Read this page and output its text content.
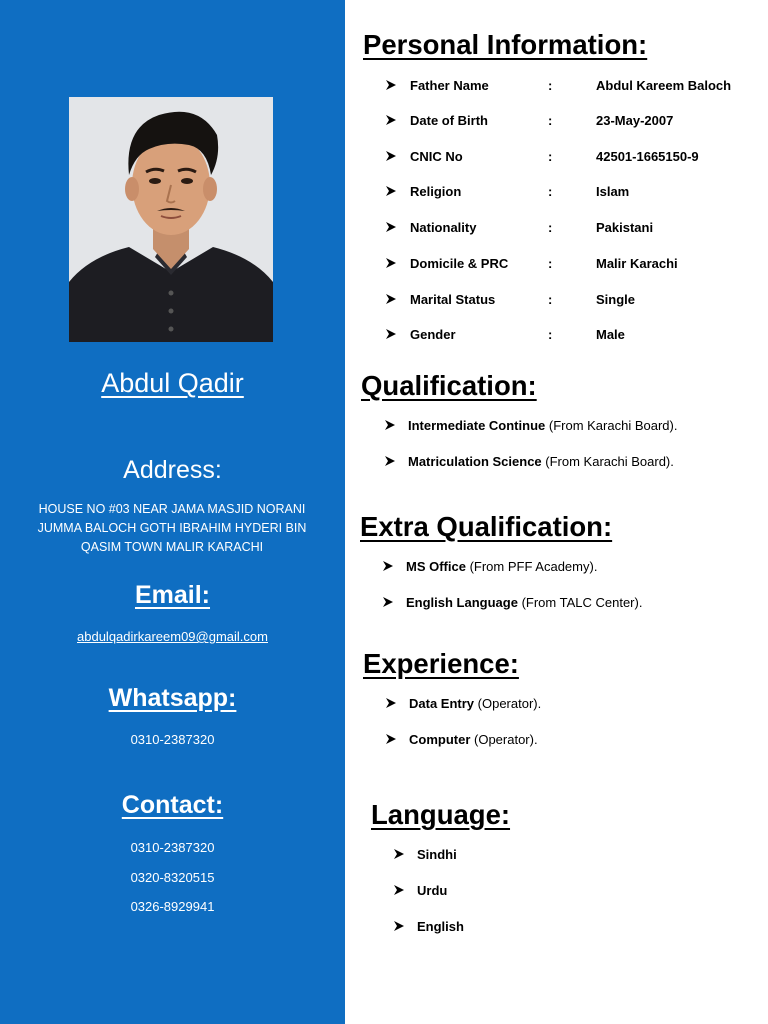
Abdul Qadir
Address:
HOUSE NO #03 NEAR JAMA MASJID NORANI JUMMA BALOCH GOTH IBRAHIM HYDERI BIN QASIM TOWN MALIR KARACHI
Email:
abdulqadirkareem09@gmail.com
Whatsapp:
0310-2387320
Contact:
0310-2387320
0320-8320515
0326-8929941
Personal Information:
Father Name	:	Abdul Kareem Baloch
Date of Birth	:	23-May-2007
CNIC No	:	42501-1665150-9
Religion	:	Islam
Nationality	:	Pakistani
Domicile & PRC	:	Malir Karachi
Marital Status	:	Single
Gender	:	Male
Qualification:
Intermediate Continue (From Karachi Board).
Matriculation Science (From Karachi Board).
Extra Qualification:
MS Office (From PFF Academy).
English Language (From TALC Center).
Experience:
Data Entry (Operator).
Computer (Operator).
Language:
Sindhi
Urdu
English
